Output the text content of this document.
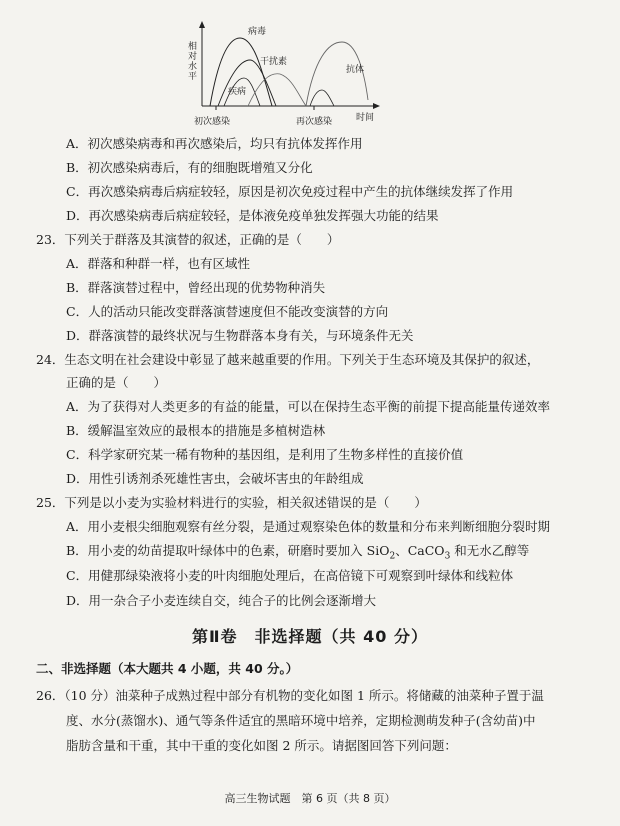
相对水平
病毒
干扰素
疾病
抗体
初次感染	再次感染	时间
A．初次感染病毒和再次感染后，均只有抗体发挥作用
B．初次感染病毒后，有的细胞既增殖又分化
C．再次感染病毒后病症较轻，原因是初次免疫过程中产生的抗体继续发挥了作用
D．再次感染病毒后病症较轻，是体液免疫单独发挥强大功能的结果
23．下列关于群落及其演替的叙述，正确的是（　　）
A．群落和种群一样，也有区域性
B．群落演替过程中，曾经出现的优势物种消失
C．人的活动只能改变群落演替速度但不能改变演替的方向
D．群落演替的最终状况与生物群落本身有关，与环境条件无关
24．生态文明在社会建设中彰显了越来越重要的作用。下列关于生态环境及其保护的叙述，
正确的是（　　）
A．为了获得对人类更多的有益的能量，可以在保持生态平衡的前提下提高能量传递效率
B．缓解温室效应的最根本的措施是多植树造林
C．科学家研究某一稀有物种的基因组，是利用了生物多样性的直接价值
D．用性引诱剂杀死雄性害虫，会破坏害虫的年龄组成
25．下列是以小麦为实验材料进行的实验，相关叙述错误的是（　　）
A．用小麦根尖细胞观察有丝分裂，是通过观察染色体的数量和分布来判断细胞分裂时期
B．用小麦的幼苗提取叶绿体中的色素，研磨时要加入 SiO$_2$、CaCO$_3$ 和无水乙醇等
C．用健那绿染液将小麦的叶肉细胞处理后，在高倍镜下可观察到叶绿体和线粒体
D．用一杂合子小麦连续自交，纯合子的比例会逐渐增大
第Ⅱ卷　非选择题（共 40 分）
二、非选择题（本大题共 4 小题，共 40 分。）
26．（10 分）油菜种子成熟过程中部分有机物的变化如图 1 所示。将储藏的油菜种子置于温
度、水分(蒸馏水)、通气等条件适宜的黑暗环境中培养，定期检测萌发种子(含幼苗)中
脂肪含量和干重，其中干重的变化如图 2 所示。请据图回答下列问题：
高三生物试题　第 6 页（共 8 页）
